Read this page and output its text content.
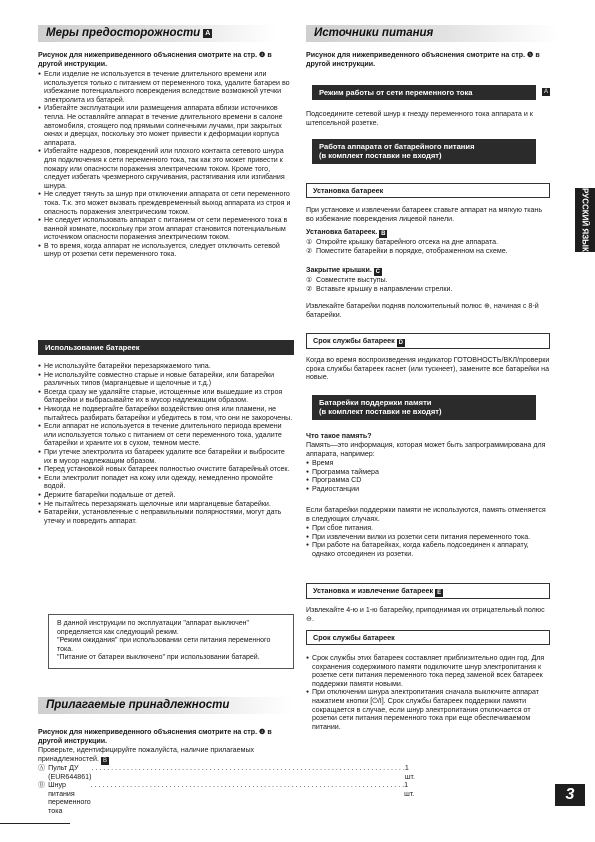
Меры предосторожности A
Рисунок для нижеприведенного объяснения смотрите на стр. ❹ в другой инструкции.
● Если изделие не используется в течение длительного времени или используется только с питанием от переменного тока, удалите батареи во избежание потенциального повреждения вследствие возможной утечки электролита из батарей.
● Избегайте эксплуатации или размещения аппарата вблизи источников тепла. Не оставляйте аппарат в течение длительного времени в салоне автомобиля, стоящего под прямыми солнечными лучами, при закрытых окнах и дверцах, поскольку это может привести к деформации корпуса аппарата.
● Избегайте надрезов, повреждений или плохого контакта сетевого шнура для подключения к сети переменного тока, так как это может привести к пожару или опасности поражения электрическим током. Кроме того, следует избегать чрезмерного скручивания, растягивания или изгибания шнура.
● Не следует тянуть за шнур при отключении аппарата от сети переменного тока. Т.к. это может вызвать преждевременный выход аппарата из строя и опасность поражения электрическим током.
● Не следует использовать аппарат с питанием от сети переменного тока в ванной комнате, поскольку при этом аппарат становится потенциальным источником опасности поражения электрическим током.
● В то время, когда аппарат не используется, следует отключить сетевой шнур от розетки сети переменного тока.
Использование батареек
● Не используйте батарейки перезаряжаемого типа.
● Не используйте совместно старые и новые батарейки, или батарейки различных типов (марганцевые и щелочные и т.д.)
● Всегда сразу же удаляйте старые, истощенные или вышедшие из строя батарейки и выбрасывайте их в мусор надлежащим образом.
● Никогда не подвергайте батарейки воздействию огня или пламени, не пытайтесь разбирать батарейки и убедитесь в том, что они не закорочены.
● Если аппарат не используется в течение длительного периода времени или используется только с питанием от сети переменного тока, удалите батарейки и храните их в сухом, темном месте.
● При утечке электролита из батареек удалите все батарейки и выбросите их в мусор надлежащим образом.
● Перед установкой новых батареек полностью очистите батарейный отсек.
● Если электролит попадет на кожу или одежду, немедленно промойте водой.
● Держите батарейки подальше от детей.
● Не пытайтесь перезаряжать щелочные или марганцевые батарейки.
● Батарейки, установленные с неправильными полярностями, могут дать утечку и повредить аппарат.
В данной инструкции по эксплуатации "аппарат выключен" определяется как следующий режим.
"Режим ожидания" при использовании сети питания переменного тока.
"Питание от батареи выключено" при использовании батарей.
Прилагаемые принадлежности
Рисунок для нижеприведенного объяснения смотрите на стр. ❹ в другой инструкции.
Проверьте, идентифицируйте пожалуйста, наличие прилагаемых принадлежностей. B
Ⓐ Пульт ДУ (EUR644861)
. . . . . . . . . . . . . . . . . . . . . . . . . . . . . . . . . . . . . . . . . . . . . . . . . . . . . . . . . . . . . . . . . . . . . . . . . . . . . . . . 1 шт.
Ⓑ Шнур питания переменного тока
. . . . . . . . . . . . . . . . . . . . . . . . . . . . . . . . . . . . . . . . . . . . . . . . . . . . . . . . . . . . . . . . . . . . . . . . . . . . . . . . 1 шт.
Источники питания
Рисунок для нижеприведенного объяснения смотрите на стр. ❺ в другой инструкции.
Режим работы от сети переменного тока	A
Подсоедините сетевой шнур к гнезду переменного тока аппарата и к штепсельной розетке.
Работа аппарата от батарейного питания
(в комплект поставки не входят)
Установка батареек
При установке и извлечении батареек ставьте аппарат на мягкую ткань во избежание повреждения лицевой панели.
Установка батареек. B
① Откройте крышку батарейного отсека на дне аппарата.
② Поместите батарейки в порядке, отображенном на схеме.
Закрытие крышки. C
① Совместите выступы.
② Вставьте крышку в направлении стрелки.
Извлекайте батарейки подняв положительный полюс ⊕, начиная с 8-й батарейки.
Срок службы батареек D
Когда во время воспроизведения индикатор ГОТОВНОСТЬ/ВКЛ/проверки срока службы батареек гаснет (или тускнеет), замените все батарейки на новые.
Батарейки поддержки памяти
(в комплект поставки не входят)
Что такое память?
Память—это информация, которая может быть запрограммирована для аппарата, например:
● Время
● Программа таймера
● Программа CD
● Радиостанции
Если батарейки поддержки памяти не используются, память отменяется в следующих случаях.
● При сбое питания.
● При извлечении вилки из розетки сети питания переменного тока.
● При работе на батарейках, когда кабель подсоединен к аппарату, однако отсоединен из розетки.
Установка и извлечение батареек E
Извлекайте 4-ю и 1-ю батарейку, приподнимая их отрицательный полюс ⊖.
Срок службы батареек
● Срок службы этих батареек составляет приблизительно один год. Для сохранения содержимого памяти подключите шнур электропитания к розетке сети питания переменного тока перед заменой всех батареек поддержки памяти новыми.
● При отключении шнура электропитания сначала выключите аппарат нажатием кнопки [⏻/I]. Срок службы батареек поддержки памяти сокращается в случае, если шнур электропитания отключается от розетки сети питания переменного тока при еще обеспечиваемом питании.
РУССКИЙ ЯЗЫК
3
